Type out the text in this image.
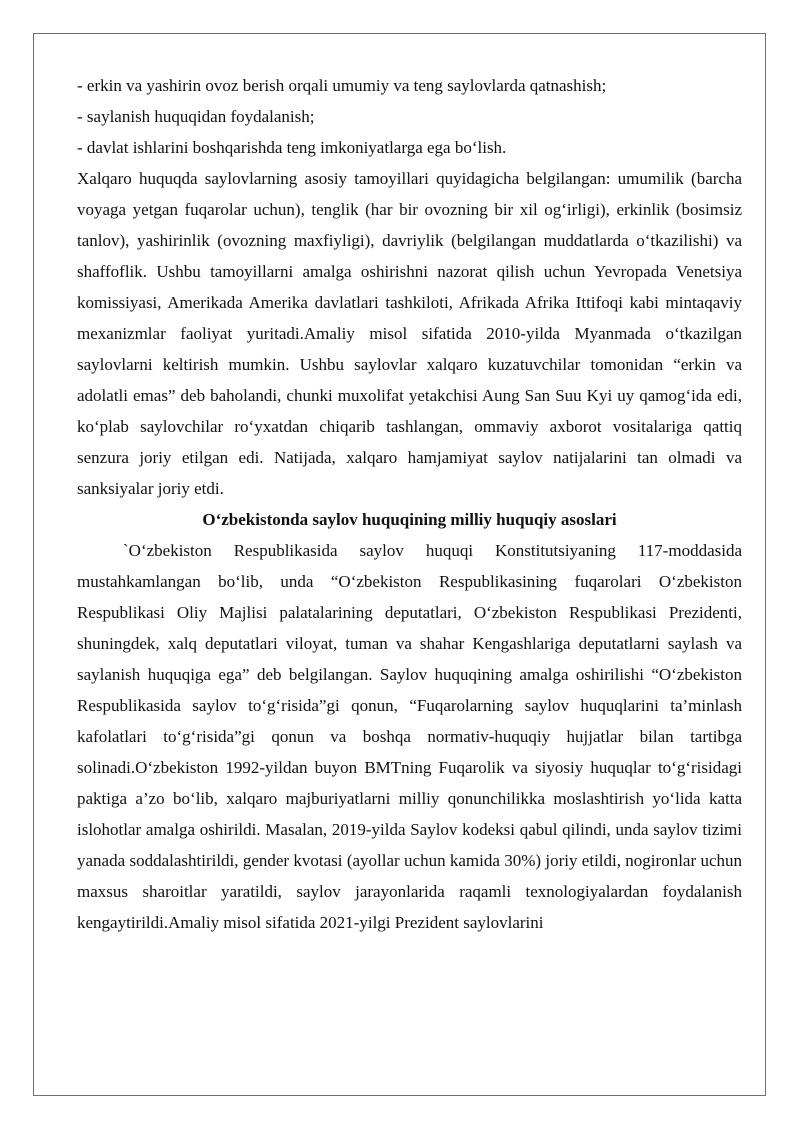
- erkin va yashirin ovoz berish orqali umumiy va teng saylovlarda qatnashish;

- saylanish huquqidan foydalanish;

- davlat ishlarini boshqarishda teng imkoniyatlarga ega bo‘lish.

Xalqaro huquqda saylovlarning asosiy tamoyillari quyidagicha belgilangan: umumilik (barcha voyaga yetgan fuqarolar uchun), tenglik (har bir ovozning bir xil og‘irligi), erkinlik (bosimsiz tanlov), yashirinlik (ovozning maxfiyligi), davriylik (belgilangan muddatlarda o‘tkazilishi) va shaffoflik. Ushbu tamoyillarni amalga oshirishni nazorat qilish uchun Yevropada Venetsiya komissiyasi, Amerikada Amerika davlatlari tashkiloti, Afrikada Afrika Ittifoqi kabi mintaqaviy mexanizmlar faoliyat yuritadi.Amaliy misol sifatida 2010-yilda Myanmada o‘tkazilgan saylovlarni keltirish mumkin. Ushbu saylovlar xalqaro kuzatuvchilar tomonidan “erkin va adolatli emas” deb baholandi, chunki muxolifat yetakchisi Aung San Suu Kyi uy qamog‘ida edi, ko‘plab saylovchilar ro‘yxatdan chiqarib tashlangan, ommaviy axborot vositalariga qattiq senzura joriy etilgan edi. Natijada, xalqaro hamjamiyat saylov natijalarini tan olmadi va sanksiyalar joriy etdi.

O‘zbekistonda saylov huquqining milliy huquqiy asoslari

`O‘zbekiston Respublikasida saylov huquqi Konstitutsiyaning 117-moddasida mustahkamlangan bo‘lib, unda “O‘zbekiston Respublikasining fuqarolari O‘zbekiston Respublikasi Oliy Majlisi palatalarining deputatlari, O‘zbekiston Respublikasi Prezidenti, shuningdek, xalq deputatlari viloyat, tuman va shahar Kengashlariga deputatlarni saylash va saylanish huquqiga ega” deb belgilangan. Saylov huquqining amalga oshirilishi “O‘zbekiston Respublikasida saylov to‘g‘risida”gi qonun, “Fuqarolarning saylov huquqlarini ta’minlash kafolatlari to‘g‘risida”gi qonun va boshqa normativ-huquqiy hujjatlar bilan tartibga solinadi.O‘zbekiston 1992-yildan buyon BMTning Fuqarolik va siyosiy huquqlar to‘g‘risidagi paktiga a’zo bo‘lib, xalqaro majburiyatlarni milliy qonunchilikka moslashtirish yo‘lida katta islohotlar amalga oshirildi. Masalan, 2019-yilda Saylov kodeksi qabul qilindi, unda saylov tizimi yanada soddalashtirildi, gender kvotasi (ayollar uchun kamida 30%) joriy etildi, nogironlar uchun maxsus sharoitlar yaratildi, saylov jarayonlarida raqamli texnologiyalardan foydalanish kengaytirildi.Amaliy misol sifatida 2021-yilgi Prezident saylovlarini
